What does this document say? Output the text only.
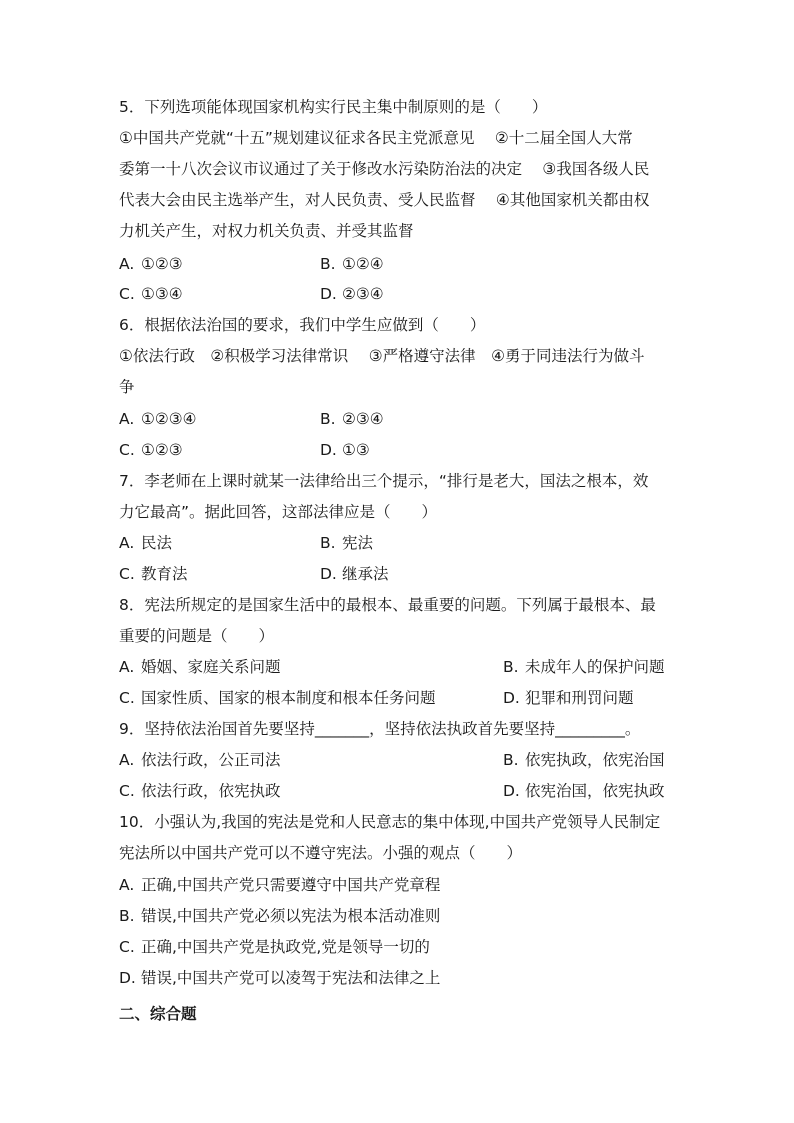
5．下列选项能体现国家机构实行民主集中制原则的是（　　）
①中国共产党就“十五”规划建议征求各民主党派意见　 ②十二届全国人大常
委第一十八次会议市议通过了关于修改水污染防治法的决定　 ③我国各级人民
代表大会由民主选举产生，对人民负责、受人民监督　 ④其他国家机关都由权
力机关产生，对权力机关负责、并受其监督
A. ①②③	B. ①②④
C. ①③④	D. ②③④
6．根据依法治国的要求，我们中学生应做到（　　）
①依法行政　②积极学习法律常识　 ③严格遵守法律　④勇于同违法行为做斗
争
A. ①②③④	B. ②③④
C. ①②③	D. ①③
7．李老师在上课时就某一法律给出三个提示，“排行是老大，国法之根本，效
力它最高”。据此回答，这部法律应是（　　）
A. 民法	B. 宪法
C. 教育法	D. 继承法
8．宪法所规定的是国家生活中的最根本、最重要的问题。下列属于最根本、最
重要的问题是（　　）
A. 婚姻、家庭关系问题	B. 未成年人的保护问题
C. 国家性质、国家的根本制度和根本任务问题	D. 犯罪和刑罚问题
9．坚持依法治国首先要坚持_______，坚持依法执政首先要坚持_________。
A. 依法行政，公正司法	B. 依宪执政，依宪治国
C. 依法行政，依宪执政	D. 依宪治国，依宪执政
10．小强认为,我国的宪法是党和人民意志的集中体现,中国共产党领导人民制定
宪法所以中国共产党可以不遵守宪法。小强的观点（　　）
A. 正确,中国共产党只需要遵守中国共产党章程
B. 错误,中国共产党必须以宪法为根本活动准则
C. 正确,中国共产党是执政党,党是领导一切的
D. 错误,中国共产党可以凌驾于宪法和法律之上
二、综合题
